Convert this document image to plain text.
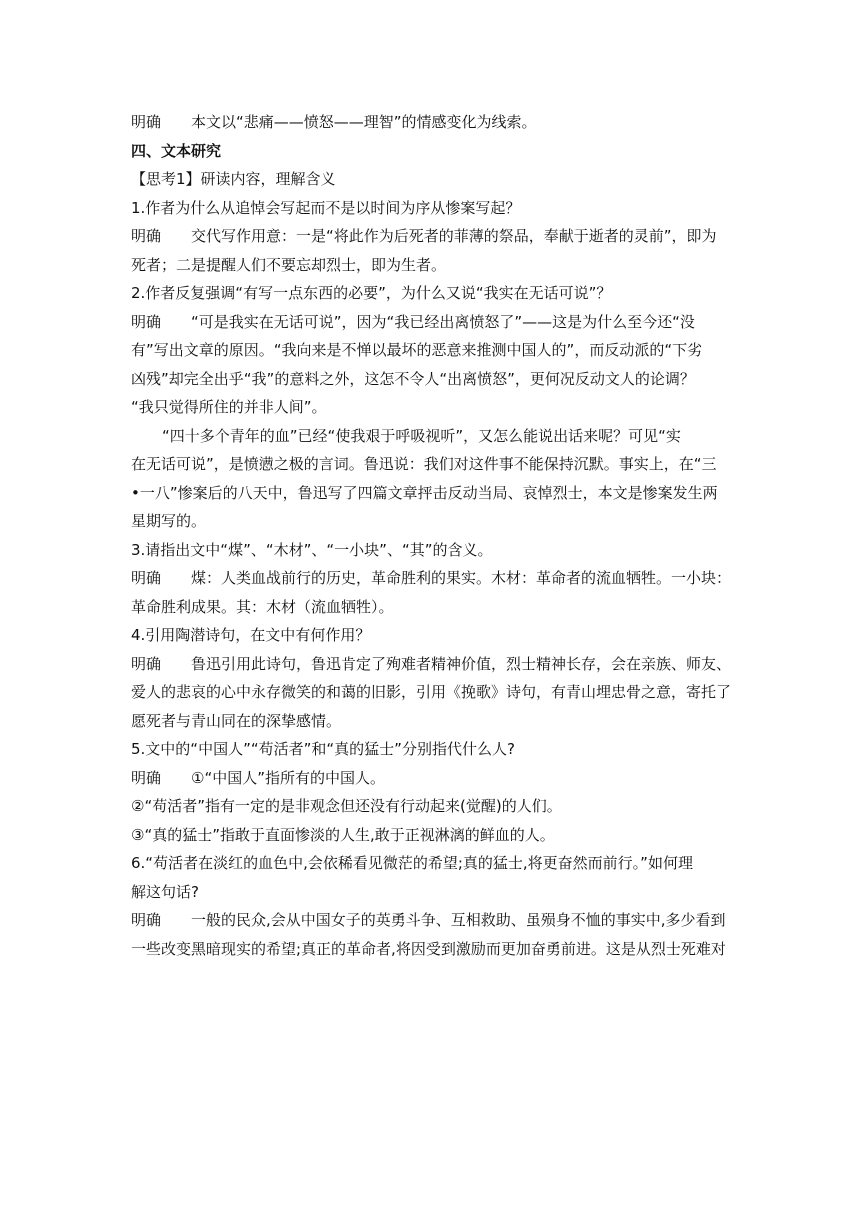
明确　　本文以“悲痛——愤怒——理智”的情感变化为线索。

四、文本研究

【思考1】研读内容，理解含义

1.作者为什么从追悼会写起而不是以时间为序从惨案写起？

明确　　交代写作用意：一是“将此作为后死者的菲薄的祭品，奉献于逝者的灵前”，即为

死者；二是提醒人们不要忘却烈士，即为生者。

2.作者反复强调“有写一点东西的必要”，为什么又说“我实在无话可说”？

明确　　“可是我实在无话可说”，因为“我已经出离愤怒了”——这是为什么至今还“没

有”写出文章的原因。“我向来是不惮以最坏的恶意来推测中国人的”，而反动派的“下劣

凶残”却完全出乎“我”的意料之外，这怎不令人“出离愤怒”，更何况反动文人的论调？

“我只觉得所住的并非人间”。

“四十多个青年的血”已经“使我艰于呼吸视听”，又怎么能说出话来呢？可见“实

在无话可说”，是愤懑之极的言词。鲁迅说：我们对这件事不能保持沉默。事实上，在“三

•一八”惨案后的八天中，鲁迅写了四篇文章抨击反动当局、哀悼烈士，本文是惨案发生两

星期写的。

3.请指出文中“煤”、“木材”、“一小块”、“其”的含义。

明确　　煤：人类血战前行的历史，革命胜利的果实。木材：革命者的流血牺牲。一小块：

革命胜利成果。其：木材（流血牺牲）。

4.引用陶潜诗句，在文中有何作用？

明确　　鲁迅引用此诗句，鲁迅肯定了殉难者精神价值，烈士精神长存，会在亲族、师友、

爱人的悲哀的心中永存微笑的和蔼的旧影，引用《挽歌》诗句，有青山埋忠骨之意，寄托了

愿死者与青山同在的深挚感情。

5.文中的“中国人”“苟活者”和“真的猛士”分别指代什么人?

明确　　①“中国人”指所有的中国人。

②“苟活者”指有一定的是非观念但还没有行动起来(觉醒)的人们。

③“真的猛士”指敢于直面惨淡的人生,敢于正视淋漓的鲜血的人。

6.“苟活者在淡红的血色中,会依稀看见微茫的希望;真的猛士,将更奋然而前行。”如何理

解这句话?

明确　　一般的民众,会从中国女子的英勇斗争、互相救助、虽殒身不恤的事实中,多少看到

一些改变黑暗现实的希望;真正的革命者,将因受到激励而更加奋勇前进。这是从烈士死难对
